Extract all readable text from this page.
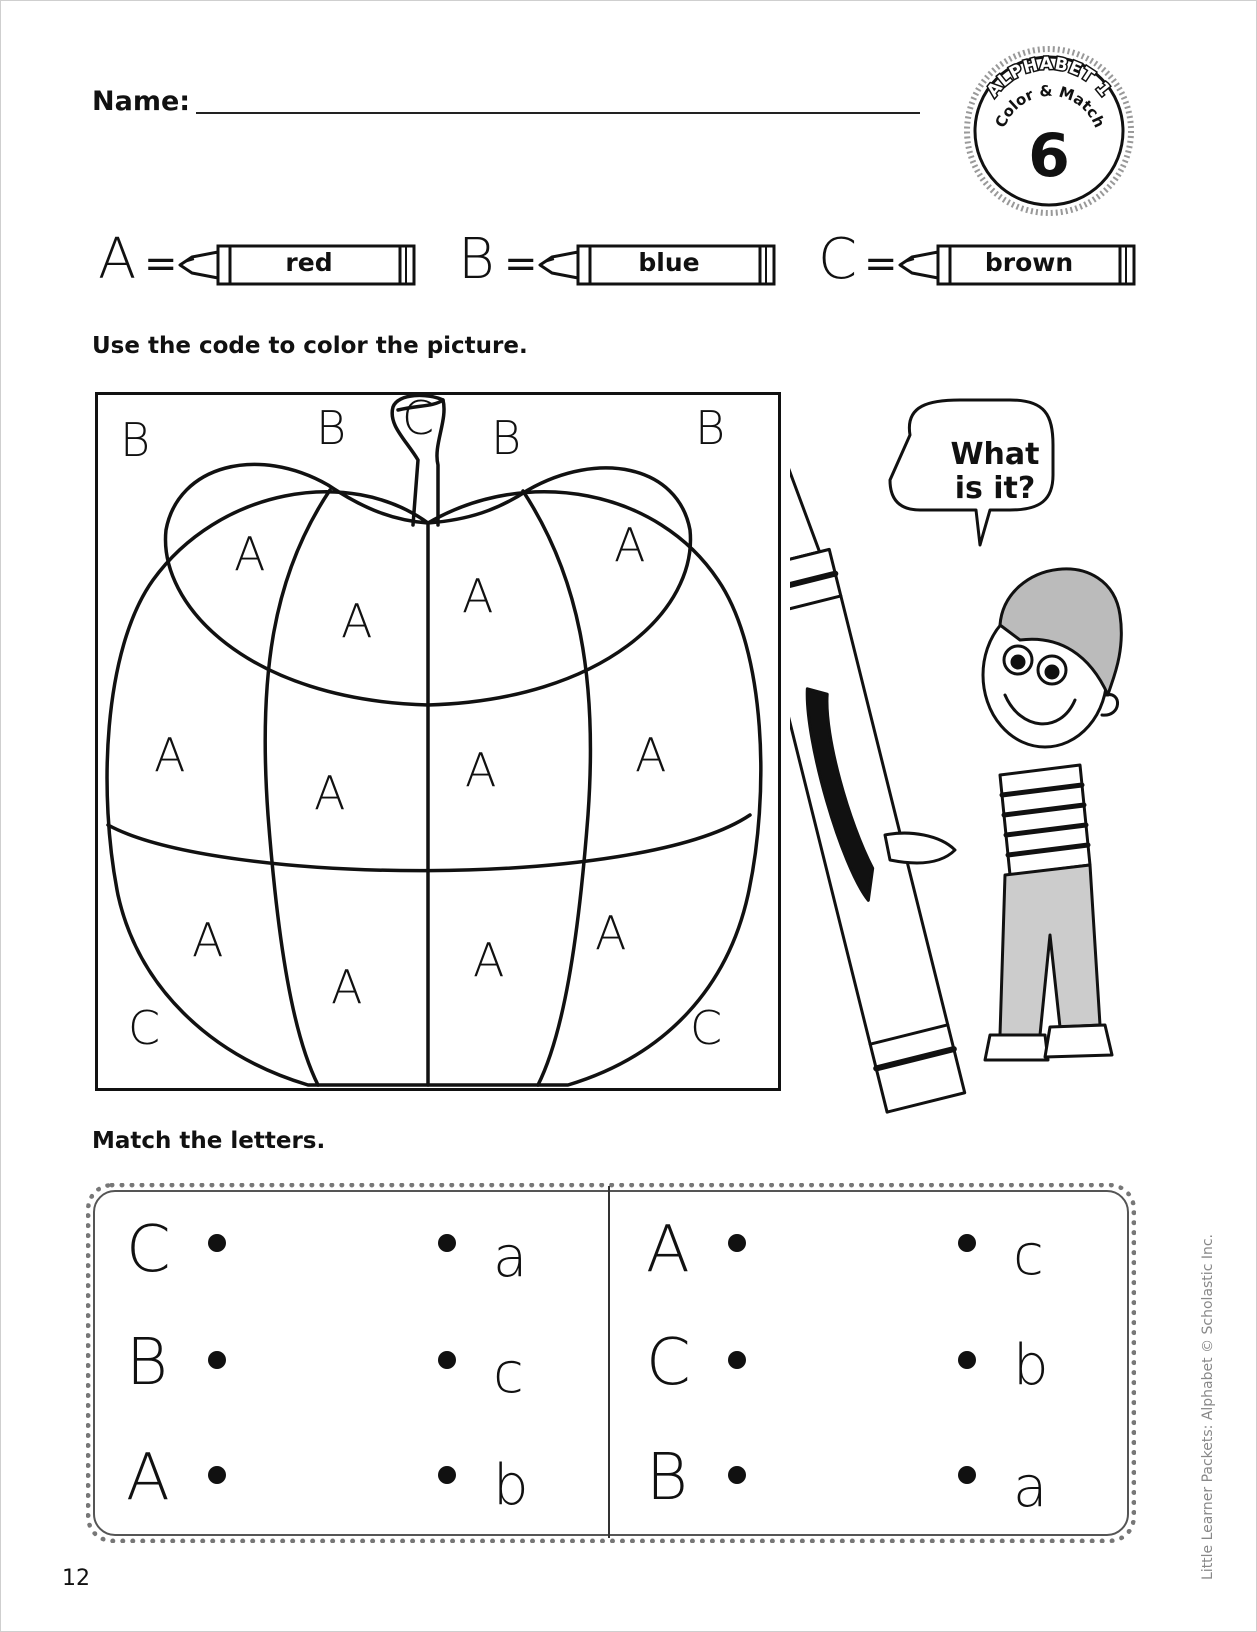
Name:	ALPHABET 1
Color & Match
6
A =	red	B =	blue	C =	brown
Use the code to color the picture.
B	B C B	B
A	A
A
A
A	A
A
A
A	A
A
A
C	C
What
is it?
Match the letters.
C	a
B	c
A	b
A	c
C	b
B	a
12	Little Learner Packets: Alphabet © Scholastic Inc.
